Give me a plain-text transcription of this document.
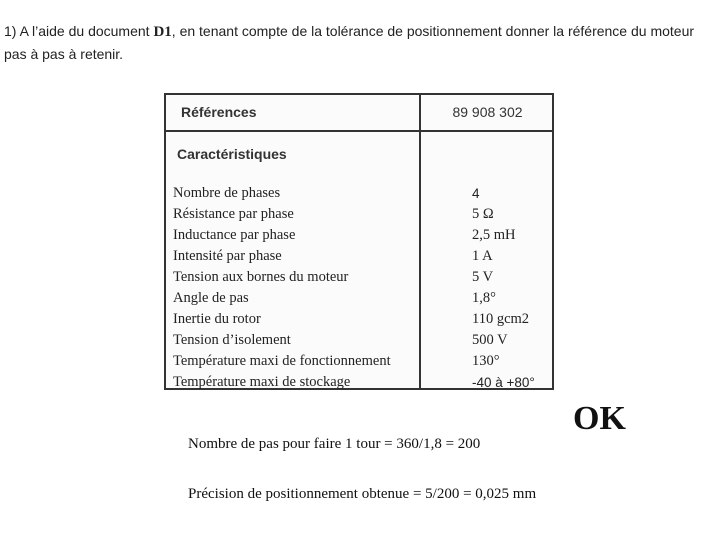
1) A l’aide du document D1, en tenant compte de la tolérance de positionnement donner la référence du moteur pas à pas à retenir.
Références	89 908 302
Caractéristiques
Nombre de phases	4
Résistance par phase	5 Ω
Inductance par phase	2,5 mH
Intensité par phase	1 A
Tension aux bornes du moteur	5 V
Angle de pas	1,8°
Inertie du rotor	110 gcm2
Tension d’isolement	500 V
Température maxi de fonctionnement	130°
Température maxi de stockage	-40 à +80°
Nombre de pas pour faire 1 tour = 360/1,8 = 200
OK
Précision de positionnement obtenue = 5/200 = 0,025 mm
